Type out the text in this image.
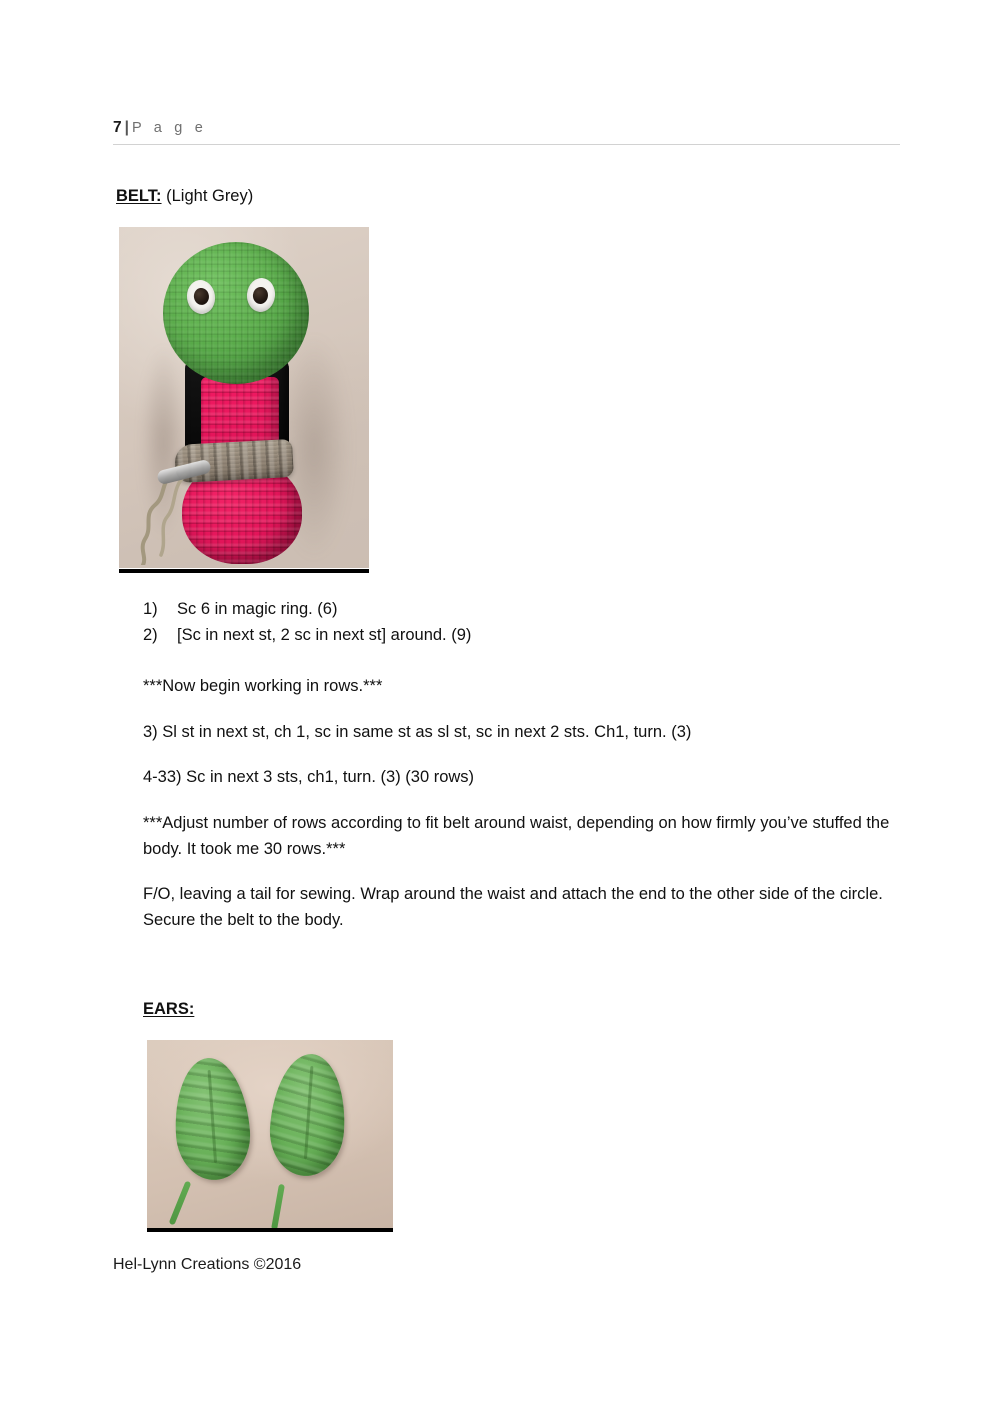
7 | P a g e
BELT: (Light Grey)
1)	Sc 6 in magic ring. (6)
2)	[Sc in next st, 2 sc in next st] around. (9)
***Now begin working in rows.***
3) Sl st in next st, ch 1, sc in same st as sl st, sc in next 2 sts. Ch1, turn. (3)
4-33) Sc in next 3 sts, ch1, turn. (3) (30 rows)
***Adjust number of rows according to fit belt around waist, depending on how firmly you’ve stuffed the body. It took me 30 rows.***
F/O, leaving a tail for sewing. Wrap around the waist and attach the end to the other side of the circle. Secure the belt to the body.
EARS:
Hel-Lynn Creations ©2016
